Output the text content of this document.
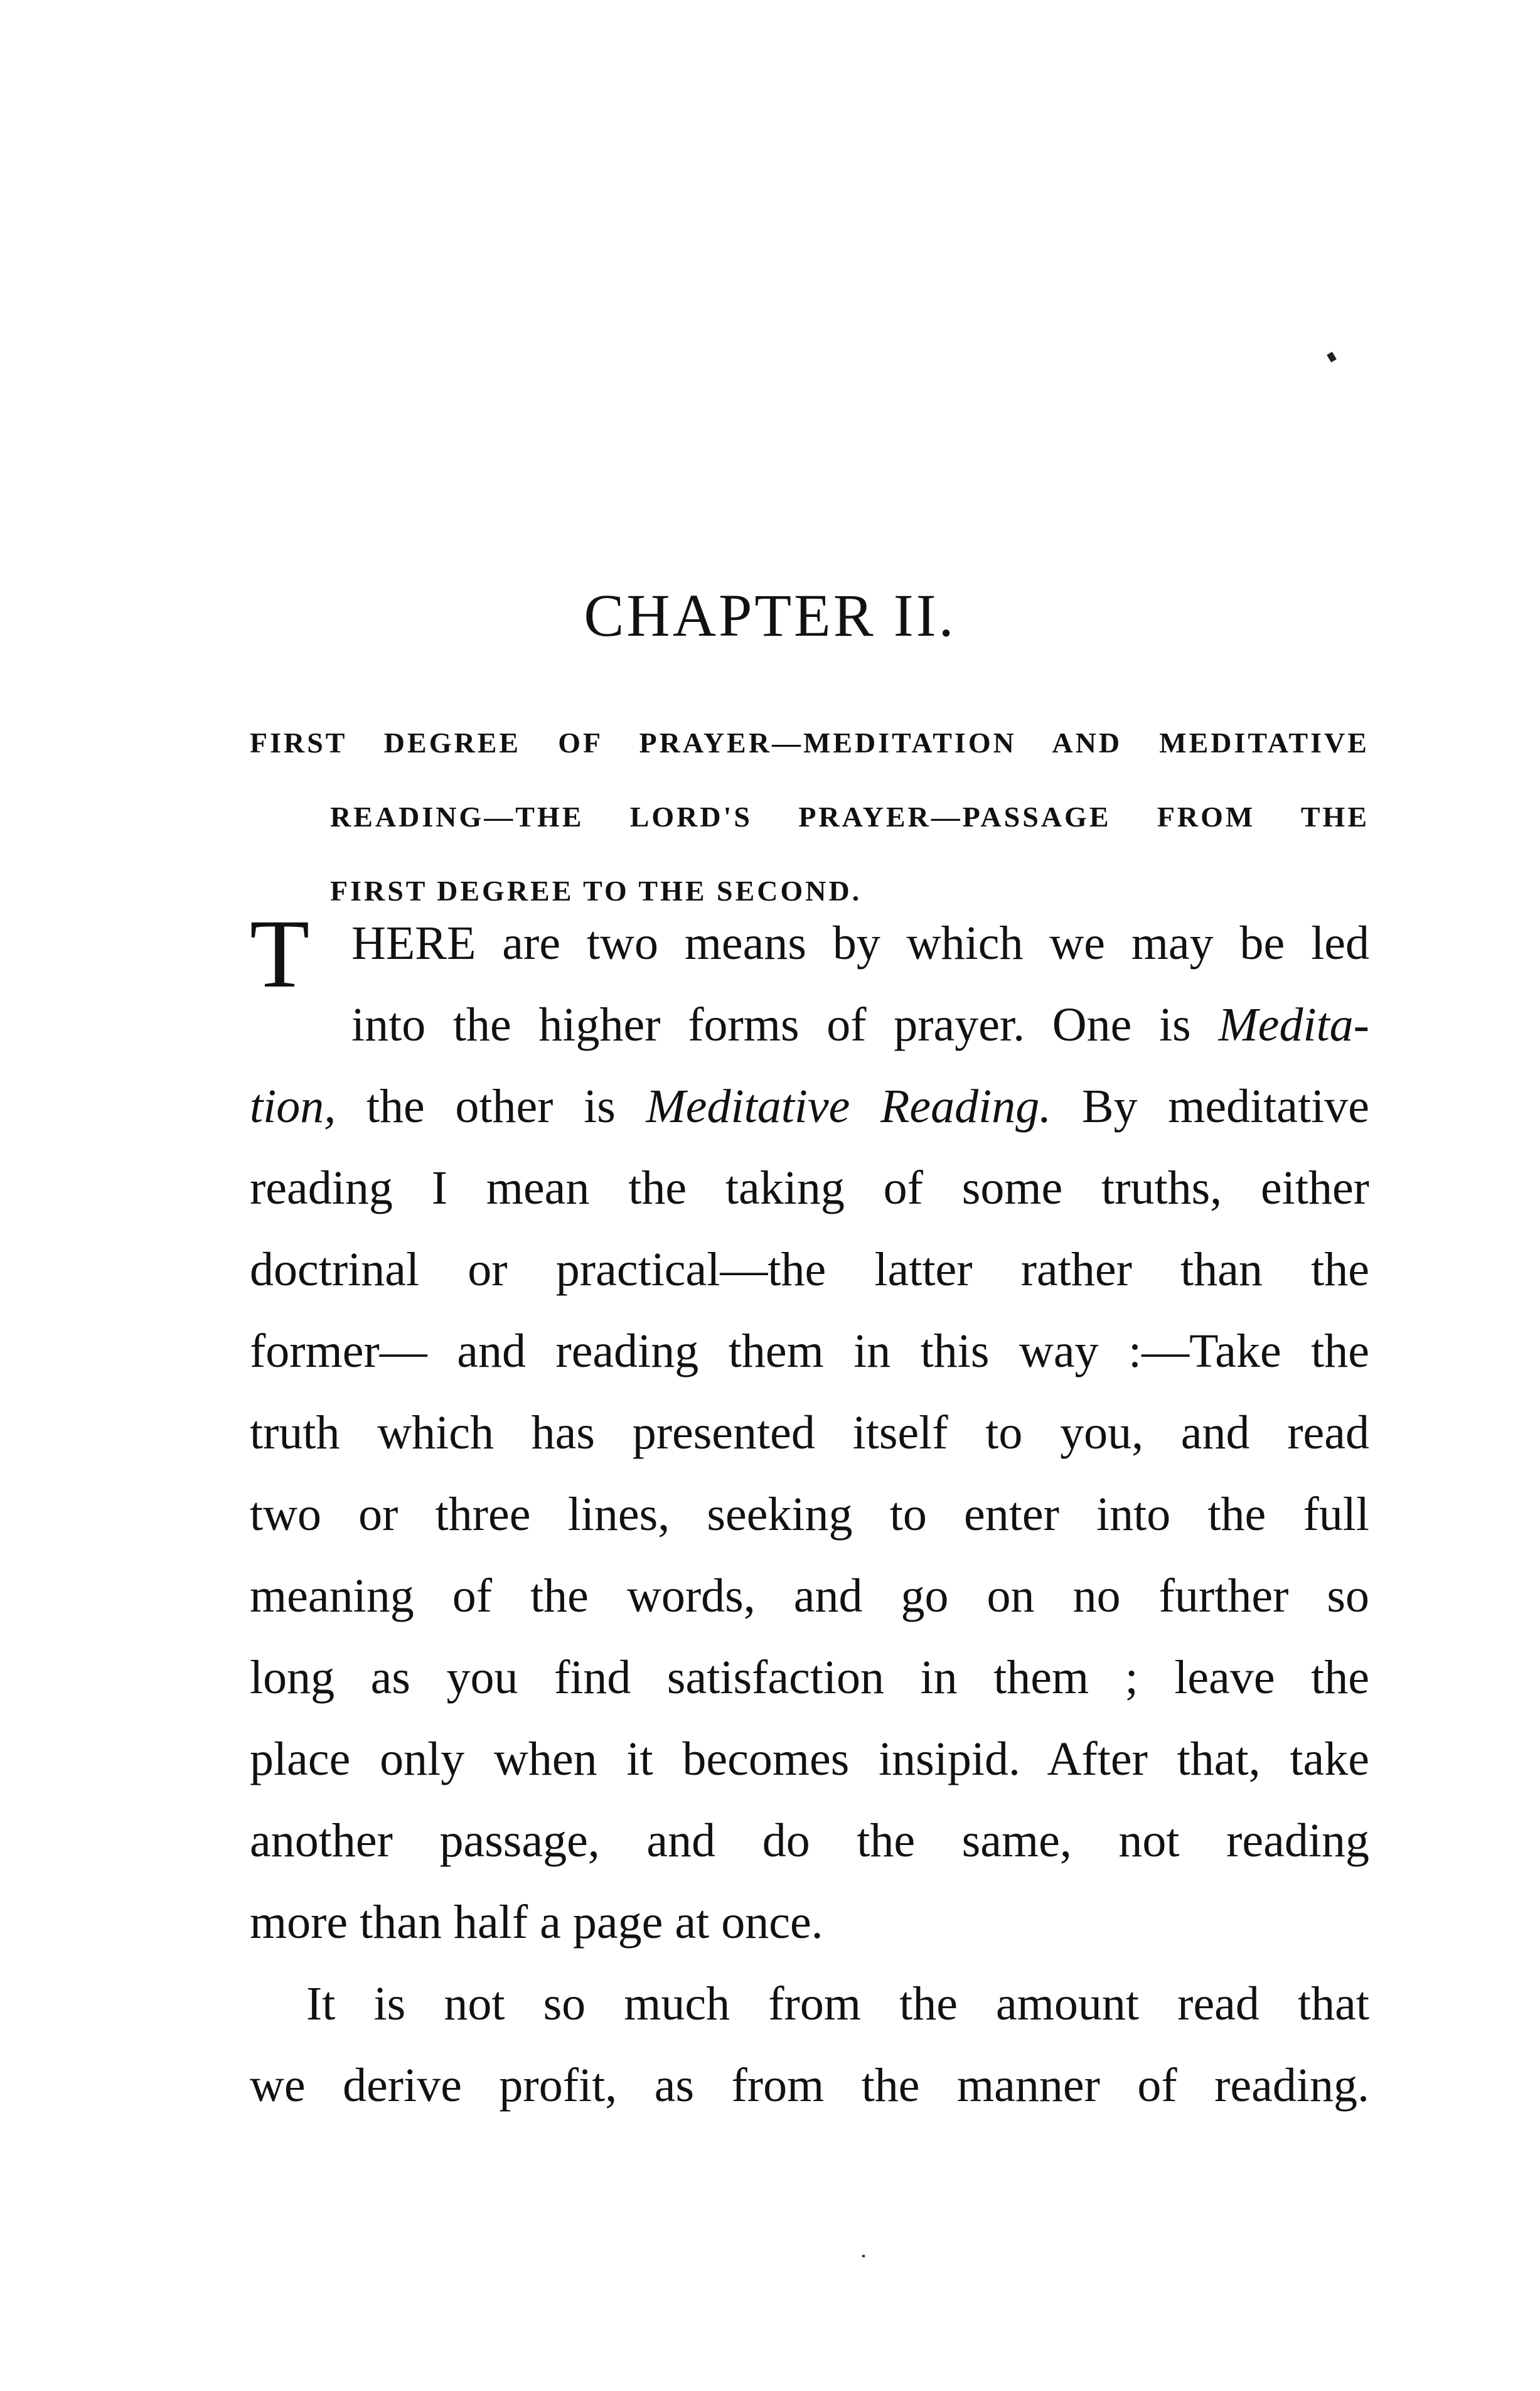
CHAPTER II.
FIRST DEGREE OF PRAYER—MEDITATION AND MEDITATIVE
READING—THE LORD'S PRAYER—PASSAGE FROM THE
FIRST DEGREE TO THE SECOND.
HERE are two means by which we may be led
into the higher forms of prayer. One is Medita-
tion, the other is Meditative Reading. By meditative
reading I mean the taking of some truths, either
doctrinal or practical—the latter rather than the
former— and reading them in this way :—Take the
truth which has presented itself to you, and read
two or three lines, seeking to enter into the full
meaning of the words, and go on no further so
long as you find satisfaction in them ; leave the
place only when it becomes insipid. After that, take
another passage, and do the same, not reading
more than half a page at once.
It is not so much from the amount read that
we derive profit, as from the manner of reading.
T
